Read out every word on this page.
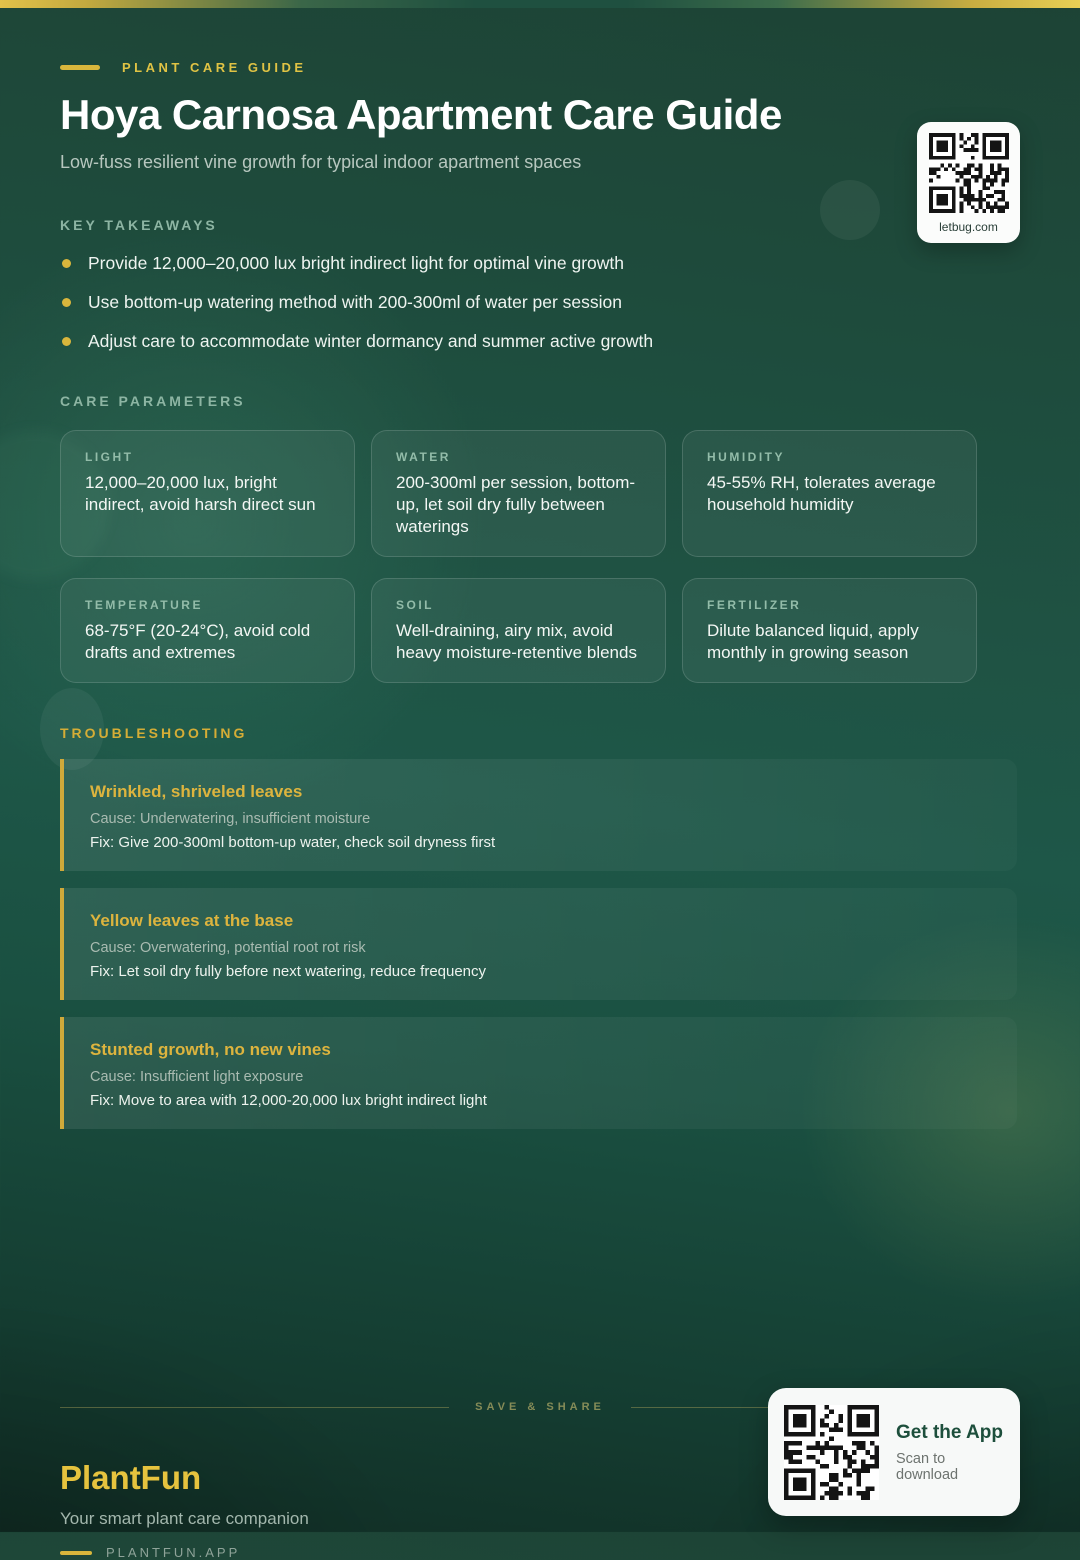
PLANT CARE GUIDE
Hoya Carnosa Apartment Care Guide
Low-fuss resilient vine growth for typical indoor apartment spaces
letbug.com
KEY TAKEAWAYS
Provide 12,000–20,000 lux bright indirect light for optimal vine growth
Use bottom-up watering method with 200-300ml of water per session
Adjust care to accommodate winter dormancy and summer active growth
CARE PARAMETERS
LIGHT
12,000–20,000 lux, bright indirect, avoid harsh direct sun
WATER
200-300ml per session, bottom-up, let soil dry fully between waterings
HUMIDITY
45-55% RH, tolerates average household humidity
TEMPERATURE
68-75°F (20-24°C), avoid cold drafts and extremes
SOIL
Well-draining, airy mix, avoid heavy moisture-retentive blends
FERTILIZER
Dilute balanced liquid, apply monthly in growing season
TROUBLESHOOTING
Wrinkled, shriveled leaves
Cause: Underwatering, insufficient moisture
Fix: Give 200-300ml bottom-up water, check soil dryness first
Yellow leaves at the base
Cause: Overwatering, potential root rot risk
Fix: Let soil dry fully before next watering, reduce frequency
Stunted growth, no new vines
Cause: Insufficient light exposure
Fix: Move to area with 12,000-20,000 lux bright indirect light
SAVE & SHARE
PlantFun
Your smart plant care companion
PLANTFUN.APP
Get the App
Scan to download
